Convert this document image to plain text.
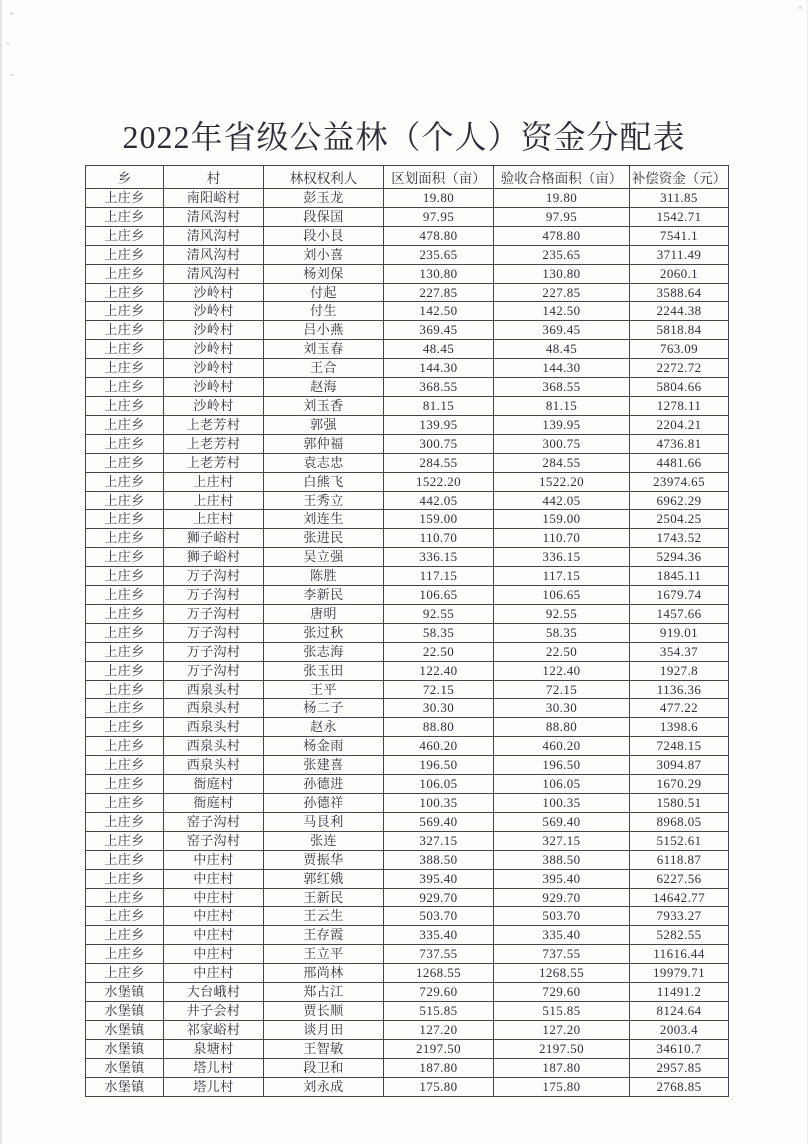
2022年省级公益林（个人）资金分配表
乡	村	林权权利人	区划面积（亩）	验收合格面积（亩）	补偿资金（元）
上庄乡	南阳峪村	彭玉龙	19.80	19.80	311.85
上庄乡	清风沟村	段保国	97.95	97.95	1542.71
上庄乡	清风沟村	段小艮	478.80	478.80	7541.1
上庄乡	清风沟村	刘小喜	235.65	235.65	3711.49
上庄乡	清风沟村	杨刘保	130.80	130.80	2060.1
上庄乡	沙岭村	付起	227.85	227.85	3588.64
上庄乡	沙岭村	付生	142.50	142.50	2244.38
上庄乡	沙岭村	吕小燕	369.45	369.45	5818.84
上庄乡	沙岭村	刘玉春	48.45	48.45	763.09
上庄乡	沙岭村	王合	144.30	144.30	2272.72
上庄乡	沙岭村	赵海	368.55	368.55	5804.66
上庄乡	沙岭村	刘玉香	81.15	81.15	1278.11
上庄乡	上老芳村	郭强	139.95	139.95	2204.21
上庄乡	上老芳村	郭仲福	300.75	300.75	4736.81
上庄乡	上老芳村	袁志忠	284.55	284.55	4481.66
上庄乡	上庄村	白熊飞	1522.20	1522.20	23974.65
上庄乡	上庄村	王秀立	442.05	442.05	6962.29
上庄乡	上庄村	刘连生	159.00	159.00	2504.25
上庄乡	狮子峪村	张进民	110.70	110.70	1743.52
上庄乡	狮子峪村	吴立强	336.15	336.15	5294.36
上庄乡	万子沟村	陈胜	117.15	117.15	1845.11
上庄乡	万子沟村	李新民	106.65	106.65	1679.74
上庄乡	万子沟村	唐明	92.55	92.55	1457.66
上庄乡	万子沟村	张过秋	58.35	58.35	919.01
上庄乡	万子沟村	张志海	22.50	22.50	354.37
上庄乡	万子沟村	张玉田	122.40	122.40	1927.8
上庄乡	西泉头村	王平	72.15	72.15	1136.36
上庄乡	西泉头村	杨二子	30.30	30.30	477.22
上庄乡	西泉头村	赵永	88.80	88.80	1398.6
上庄乡	西泉头村	杨金雨	460.20	460.20	7248.15
上庄乡	西泉头村	张建喜	196.50	196.50	3094.87
上庄乡	衙庭村	孙德进	106.05	106.05	1670.29
上庄乡	衙庭村	孙德祥	100.35	100.35	1580.51
上庄乡	窑子沟村	马艮利	569.40	569.40	8968.05
上庄乡	窑子沟村	张连	327.15	327.15	5152.61
上庄乡	中庄村	贾振华	388.50	388.50	6118.87
上庄乡	中庄村	郭红娥	395.40	395.40	6227.56
上庄乡	中庄村	王新民	929.70	929.70	14642.77
上庄乡	中庄村	王云生	503.70	503.70	7933.27
上庄乡	中庄村	王存霞	335.40	335.40	5282.55
上庄乡	中庄村	王立平	737.55	737.55	11616.44
上庄乡	中庄村	邢尚林	1268.55	1268.55	19979.71
水堡镇	大台峨村	郑占江	729.60	729.60	11491.2
水堡镇	井子会村	贾长顺	515.85	515.85	8124.64
水堡镇	祁家峪村	谈月田	127.20	127.20	2003.4
水堡镇	泉塘村	王智敏	2197.50	2197.50	34610.7
水堡镇	塔儿村	段卫和	187.80	187.80	2957.85
水堡镇	塔儿村	刘永成	175.80	175.80	2768.85
